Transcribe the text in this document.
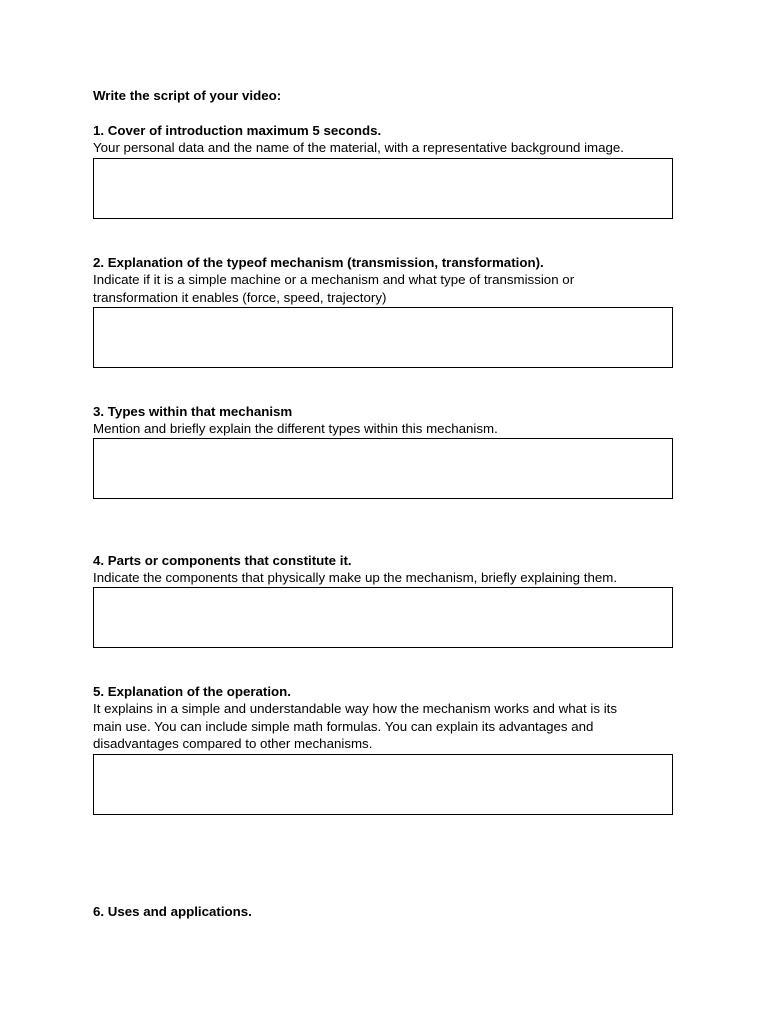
Write the script of your video:
1. Cover of introduction maximum 5 seconds.
Your personal data and the name of the material, with a representative background image.
2. Explanation of the typeof mechanism (transmission, transformation).
Indicate if it is a simple machine or a mechanism and what type of transmission or
transformation it enables (force, speed, trajectory)
3. Types within that mechanism
Mention and briefly explain the different types within this mechanism.
4. Parts or components that constitute it.
Indicate the components that physically make up the mechanism, briefly explaining them.
5. Explanation of the operation.
It explains in a simple and understandable way how the mechanism works and what is its
main use. You can include simple math formulas. You can explain its advantages and
disadvantages compared to other mechanisms.
6. Uses and applications.
